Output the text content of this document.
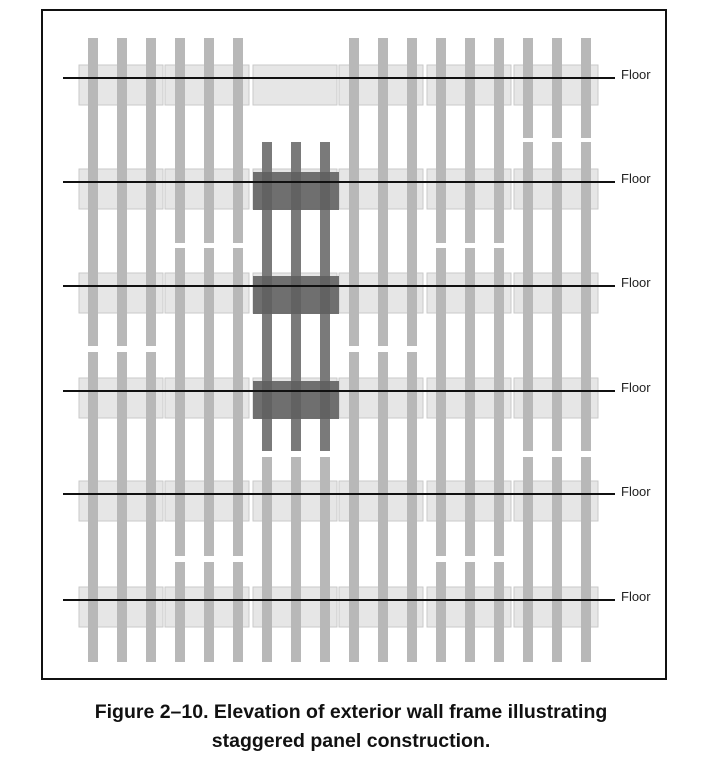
Floor
Floor
Floor
Floor
Floor
Floor
Figure 2–10. Elevation of exterior wall frame illustrating
staggered panel construction.
